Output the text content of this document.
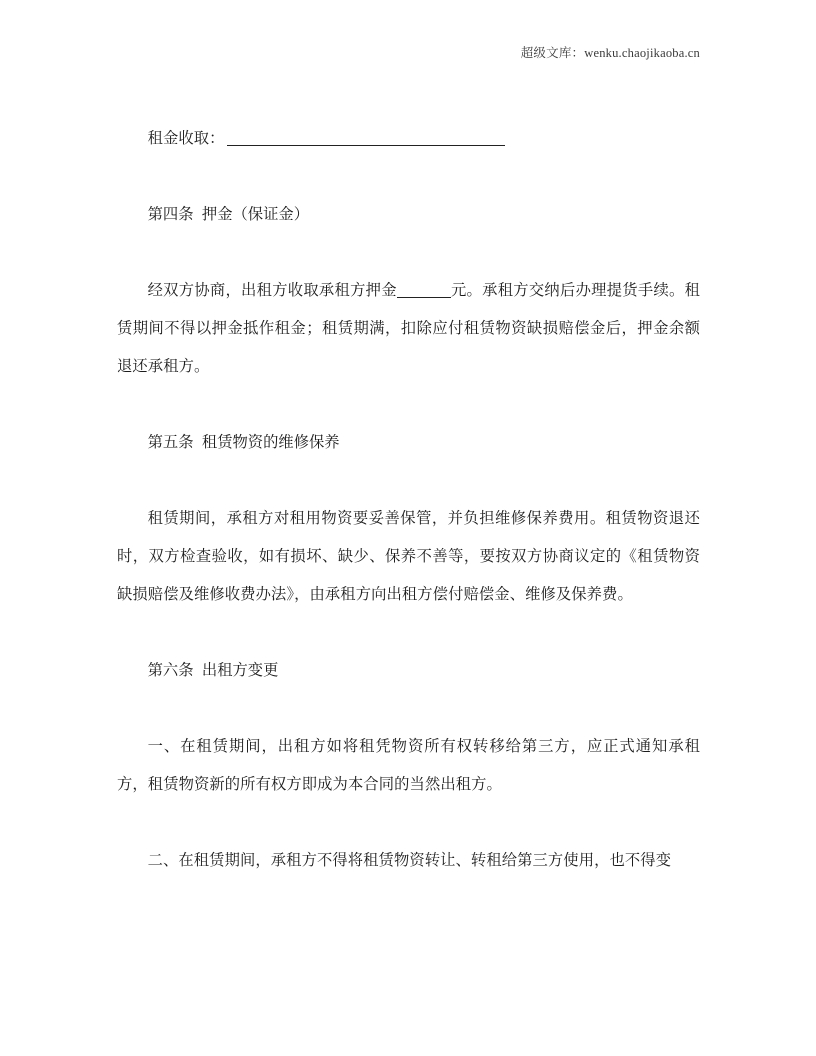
超级文库：wenku.chaojikaoba.cn

租金收取：

第四条 押金（保证金）

经双方协商，出租方收取承租方押金	元。承租方交纳后办理提货手续。租赁期间不得以押金抵作租金；租赁期满，扣除应付租赁物资缺损赔偿金后，押金余额退还承租方。

第五条 租赁物资的维修保养

租赁期间，承租方对租用物资要妥善保管，并负担维修保养费用。租赁物资退还时，双方检查验收，如有损坏、缺少、保养不善等，要按双方协商议定的《租赁物资缺损赔偿及维修收费办法》，由承租方向出租方偿付赔偿金、维修及保养费。

第六条 出租方变更

一、在租赁期间，出租方如将租凭物资所有权转移给第三方，应正式通知承租方，租赁物资新的所有权方即成为本合同的当然出租方。

二、在租赁期间，承租方不得将租赁物资转让、转租给第三方使用，也不得变
